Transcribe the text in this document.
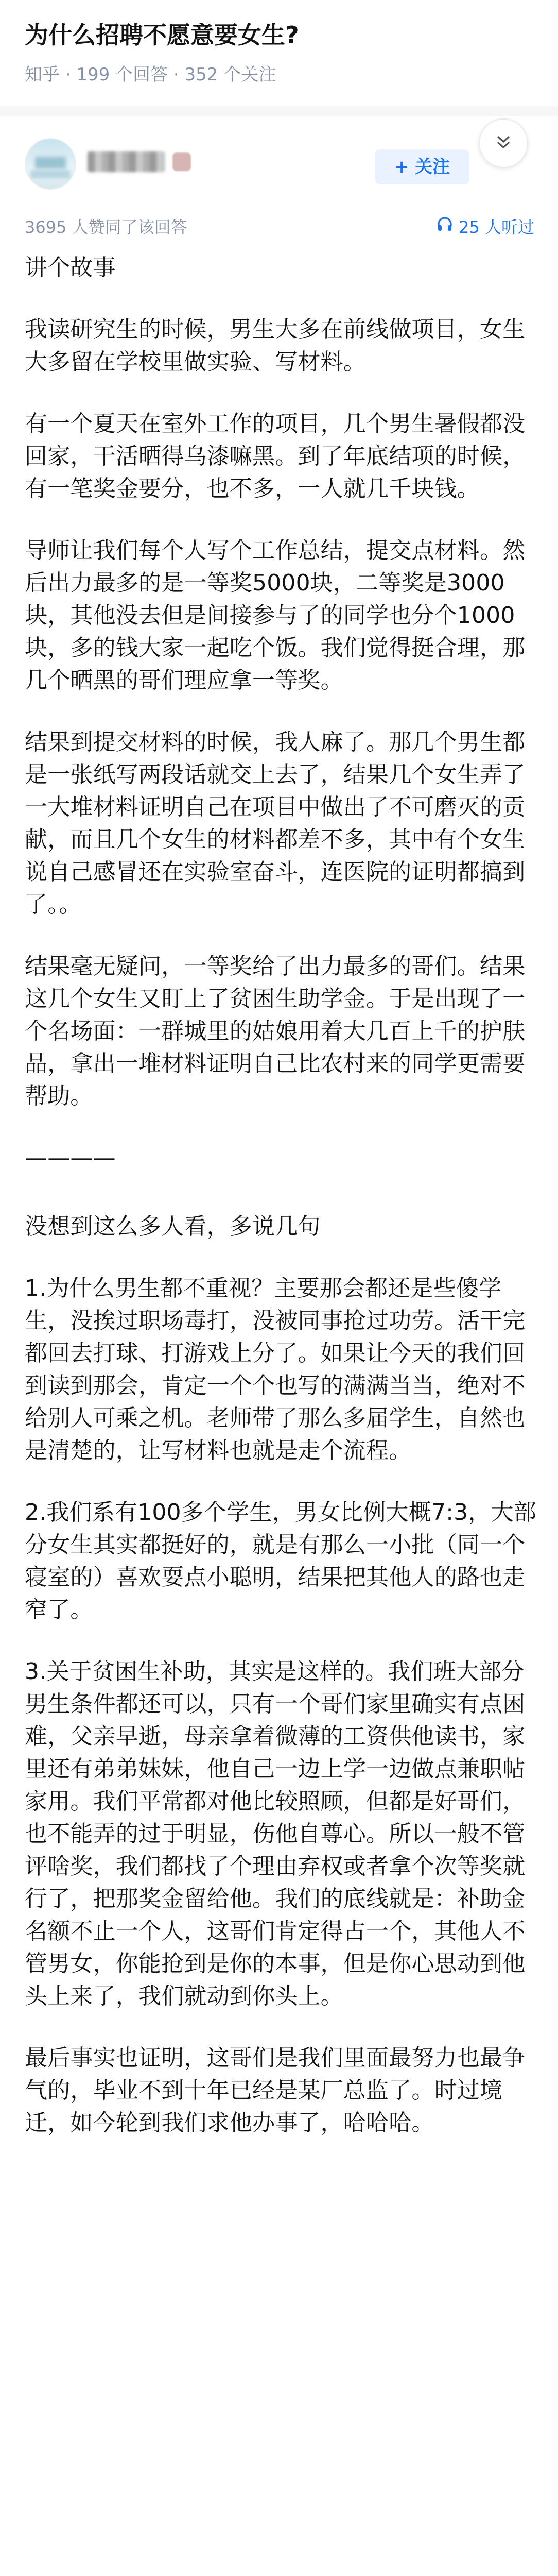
为什么招聘不愿意要女生?
知乎 · 199 个回答 · 352 个关注
+ 关注
3695 人赞同了该回答	25 人听过

讲个故事

我读研究生的时候，男生大多在前线做项目，女生大多留在学校里做实验、写材料。

有一个夏天在室外工作的项目，几个男生暑假都没回家，干活晒得乌漆嘛黑。到了年底结项的时候，有一笔奖金要分，也不多，一人就几千块钱。

导师让我们每个人写个工作总结，提交点材料。然后出力最多的是一等奖5000块，二等奖是3000块，其他没去但是间接参与了的同学也分个1000块，多的钱大家一起吃个饭。我们觉得挺合理，那几个晒黑的哥们理应拿一等奖。

结果到提交材料的时候，我人麻了。那几个男生都是一张纸写两段话就交上去了，结果几个女生弄了一大堆材料证明自己在项目中做出了不可磨灭的贡献，而且几个女生的材料都差不多，其中有个女生说自己感冒还在实验室奋斗，连医院的证明都搞到了。。

结果毫无疑问，一等奖给了出力最多的哥们。结果这几个女生又盯上了贫困生助学金。于是出现了一个名场面：一群城里的姑娘用着大几百上千的护肤品，拿出一堆材料证明自己比农村来的同学更需要帮助。

————

没想到这么多人看，多说几句

1.为什么男生都不重视？主要那会都还是些傻学生，没挨过职场毒打，没被同事抢过功劳。活干完都回去打球、打游戏上分了。如果让今天的我们回到读到那会，肯定一个个也写的满满当当，绝对不给别人可乘之机。老师带了那么多届学生，自然也是清楚的，让写材料也就是走个流程。

2.我们系有100多个学生，男女比例大概7:3，大部分女生其实都挺好的，就是有那么一小批（同一个寝室的）喜欢耍点小聪明，结果把其他人的路也走窄了。

3.关于贫困生补助，其实是这样的。我们班大部分男生条件都还可以，只有一个哥们家里确实有点困难，父亲早逝，母亲拿着微薄的工资供他读书，家里还有弟弟妹妹，他自己一边上学一边做点兼职帖家用。我们平常都对他比较照顾，但都是好哥们，也不能弄的过于明显，伤他自尊心。所以一般不管评啥奖，我们都找了个理由弃权或者拿个次等奖就行了，把那奖金留给他。我们的底线就是：补助金名额不止一个人，这哥们肯定得占一个，其他人不管男女，你能抢到是你的本事，但是你心思动到他头上来了，我们就动到你头上。

最后事实也证明，这哥们是我们里面最努力也最争气的，毕业不到十年已经是某厂总监了。时过境迁，如今轮到我们求他办事了，哈哈哈。
